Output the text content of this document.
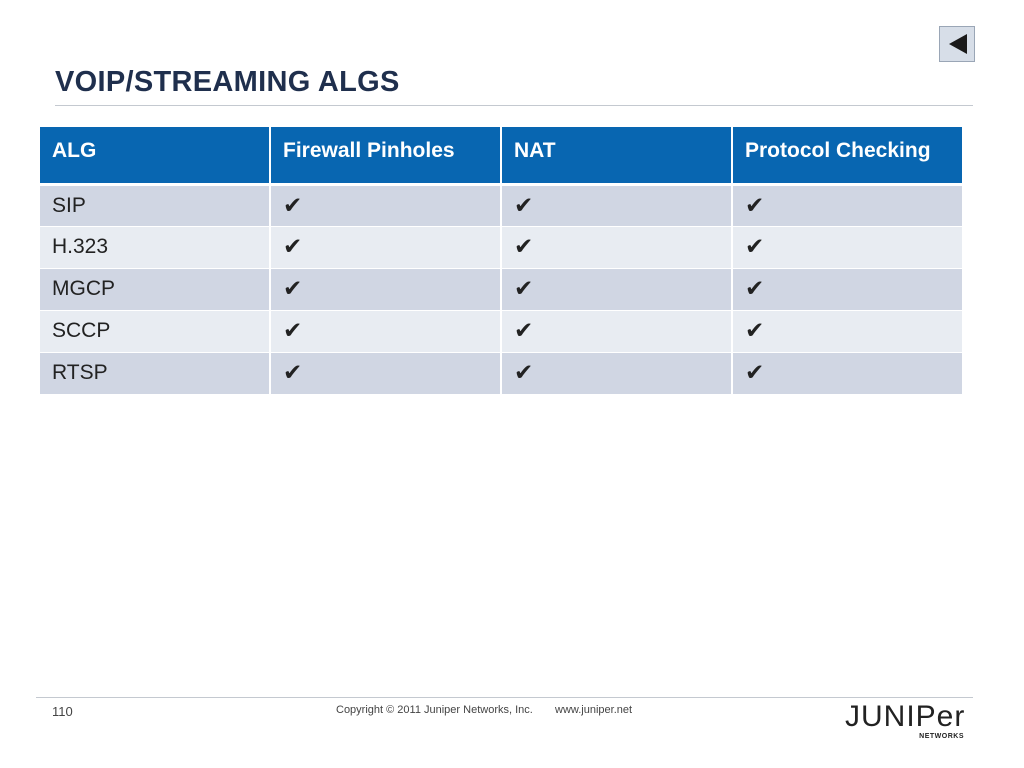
VOIP/STREAMING ALGS
ALG	Firewall Pinholes	NAT	Protocol Checking
SIP	✔	✔	✔
H.323	✔	✔	✔
MGCP	✔	✔	✔
SCCP	✔	✔	✔
RTSP	✔	✔	✔
110	Copyright © 2011 Juniper Networks, Inc. www.juniper.net	JUNIPer
NETWORKS
